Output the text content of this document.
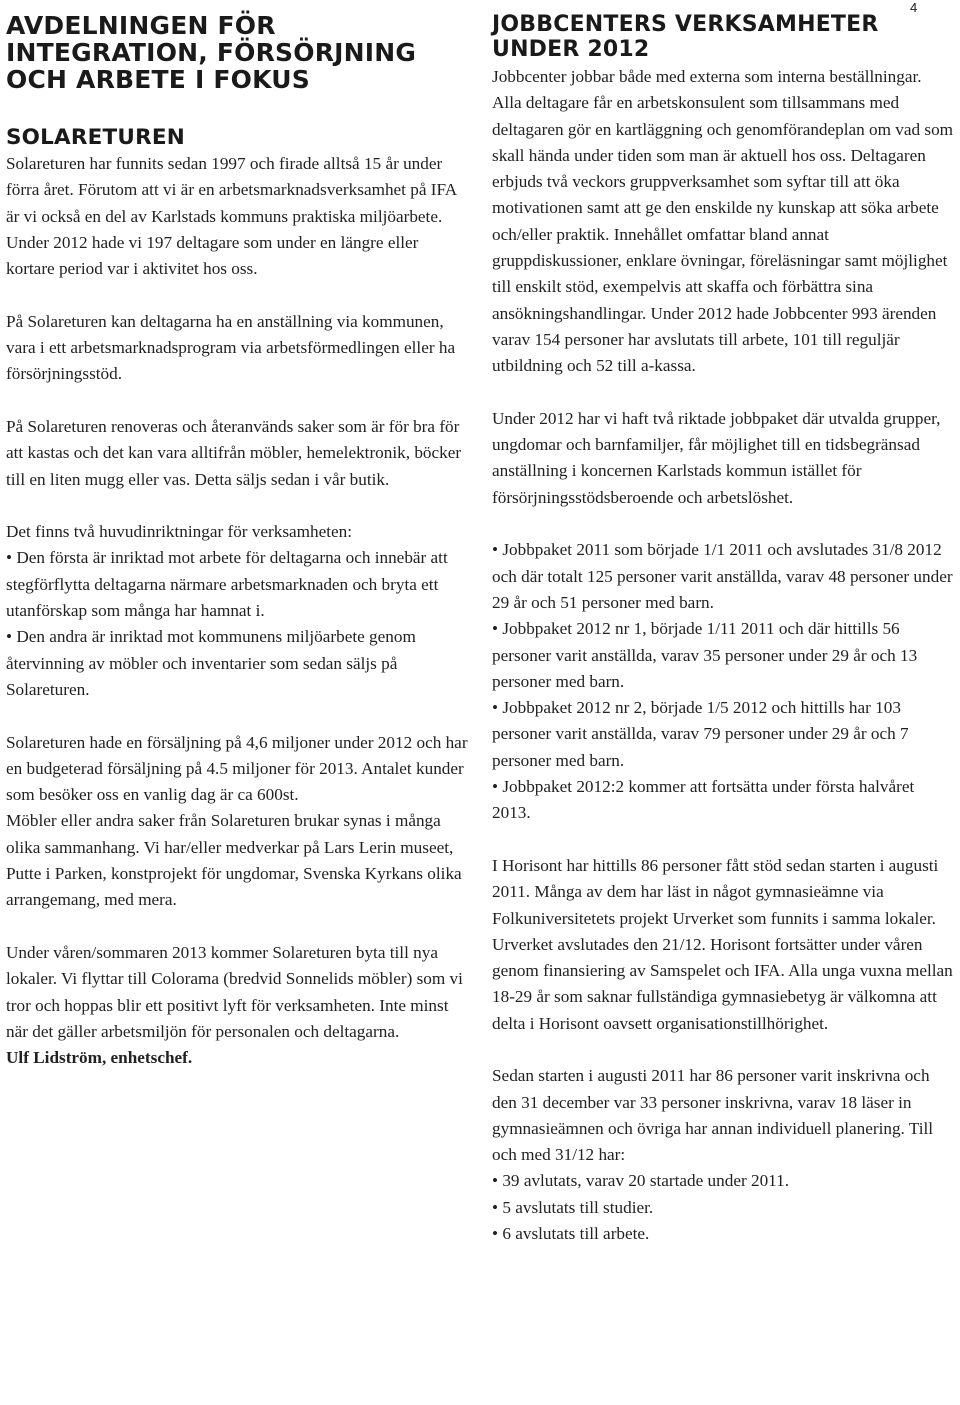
4
AVDELNINGEN FÖR INTEGRATION, FÖRSÖRJNING OCH ARBETE I FOKUS
SOLARETUREN

Solareturen har funnits sedan 1997 och firade alltså 15 år under förra året. Förutom att vi är en arbetsmarknadsverksamhet på IFA är vi också en del av Karlstads kommuns praktiska miljöarbete. Under 2012 hade vi 197 deltagare som under en längre eller kortare period var i aktivitet hos oss.

På Solareturen kan deltagarna ha en anställning via kommunen, vara i ett arbetsmarknadsprogram via arbetsförmedlingen eller ha försörjningsstöd.

På Solareturen renoveras och återanvänds saker som är för bra för att kastas och det kan vara alltifrån möbler, hemelektronik, böcker till en liten mugg eller vas. Detta säljs sedan i vår butik.

Det finns två huvudinriktningar för verksamheten:

• Den första är inriktad mot arbete för deltagarna och innebär att stegförflytta deltagarna närmare arbetsmarknaden och bryta ett utanförskap som många har hamnat i.

• Den andra är inriktad mot kommunens miljöarbete genom återvinning av möbler och inventarier som sedan säljs på Solareturen.

Solareturen hade en försäljning på 4,6 miljoner under 2012 och har en budgeterad försäljning på 4.5 miljoner för 2013. Antalet kunder som besöker oss en vanlig dag är ca 600st.

Möbler eller andra saker från Solareturen brukar synas i många olika sammanhang. Vi har/eller medverkar på Lars Lerin museet, Putte i Parken, konstprojekt för ungdomar, Svenska Kyrkans olika arrangemang, med mera.

Under våren/sommaren 2013 kommer Solareturen byta till nya lokaler. Vi flyttar till Colorama (bredvid Sonnelids möbler) som vi tror och hoppas blir ett positivt lyft för verksamheten. Inte minst när det gäller arbetsmiljön för personalen och deltagarna.

Ulf Lidström, enhetschef.

JOBBCENTERS VERKSAMHETER UNDER 2012

Jobbcenter jobbar både med externa som interna beställningar. Alla deltagare får en arbetskonsulent som tillsammans med deltagaren gör en kartläggning och genomförandeplan om vad som skall hända under tiden som man är aktuell hos oss. Deltagaren erbjuds två veckors gruppverksamhet som syftar till att öka motivationen samt att ge den enskilde ny kunskap att söka arbete och/eller praktik. Innehållet omfattar bland annat gruppdiskussioner, enklare övningar, föreläsningar samt möjlighet till enskilt stöd, exempelvis att skaffa och förbättra sina ansökningshandlingar. Under 2012 hade Jobbcenter 993 ärenden varav 154 personer har avslutats till arbete, 101 till reguljär utbildning och 52 till a-kassa.

Under 2012 har vi haft två riktade jobbpaket där utvalda grupper, ungdomar och barnfamiljer, får möjlighet till en tidsbegränsad anställning i koncernen Karlstads kommun istället för försörjningsstödsberoende och arbetslöshet.

• Jobbpaket 2011 som började 1/1 2011 och avslutades 31/8 2012 och där totalt 125 personer varit anställda, varav 48 personer under 29 år och 51 personer med barn.

• Jobbpaket 2012 nr 1, började 1/11 2011 och där hittills 56 personer varit anställda, varav 35 personer under 29 år och 13 personer med barn.

• Jobbpaket 2012 nr 2, började 1/5 2012 och hittills har 103 personer varit anställda, varav 79 personer under 29 år och 7 personer med barn.

• Jobbpaket 2012:2 kommer att fortsätta under första halvåret 2013.

I Horisont har hittills 86 personer fått stöd sedan starten i augusti 2011. Många av dem har läst in något gymnasieämne via Folkuniversitetets projekt Urverket som funnits i samma lokaler. Urverket avslutades den 21/12. Horisont fortsätter under våren genom finansiering av Samspelet och IFA. Alla unga vuxna mellan 18-29 år som saknar fullständiga gymnasiebetyg är välkomna att delta i Horisont oavsett organisationstillhörighet.

Sedan starten i augusti 2011 har 86 personer varit inskrivna och den 31 december var 33 personer inskrivna, varav 18 läser in gymnasieämnen och övriga har annan individuell planering. Till och med 31/12 har:

• 39 avlutats, varav 20 startade under 2011.

• 5 avslutats till studier.

• 6 avslutats till arbete.
